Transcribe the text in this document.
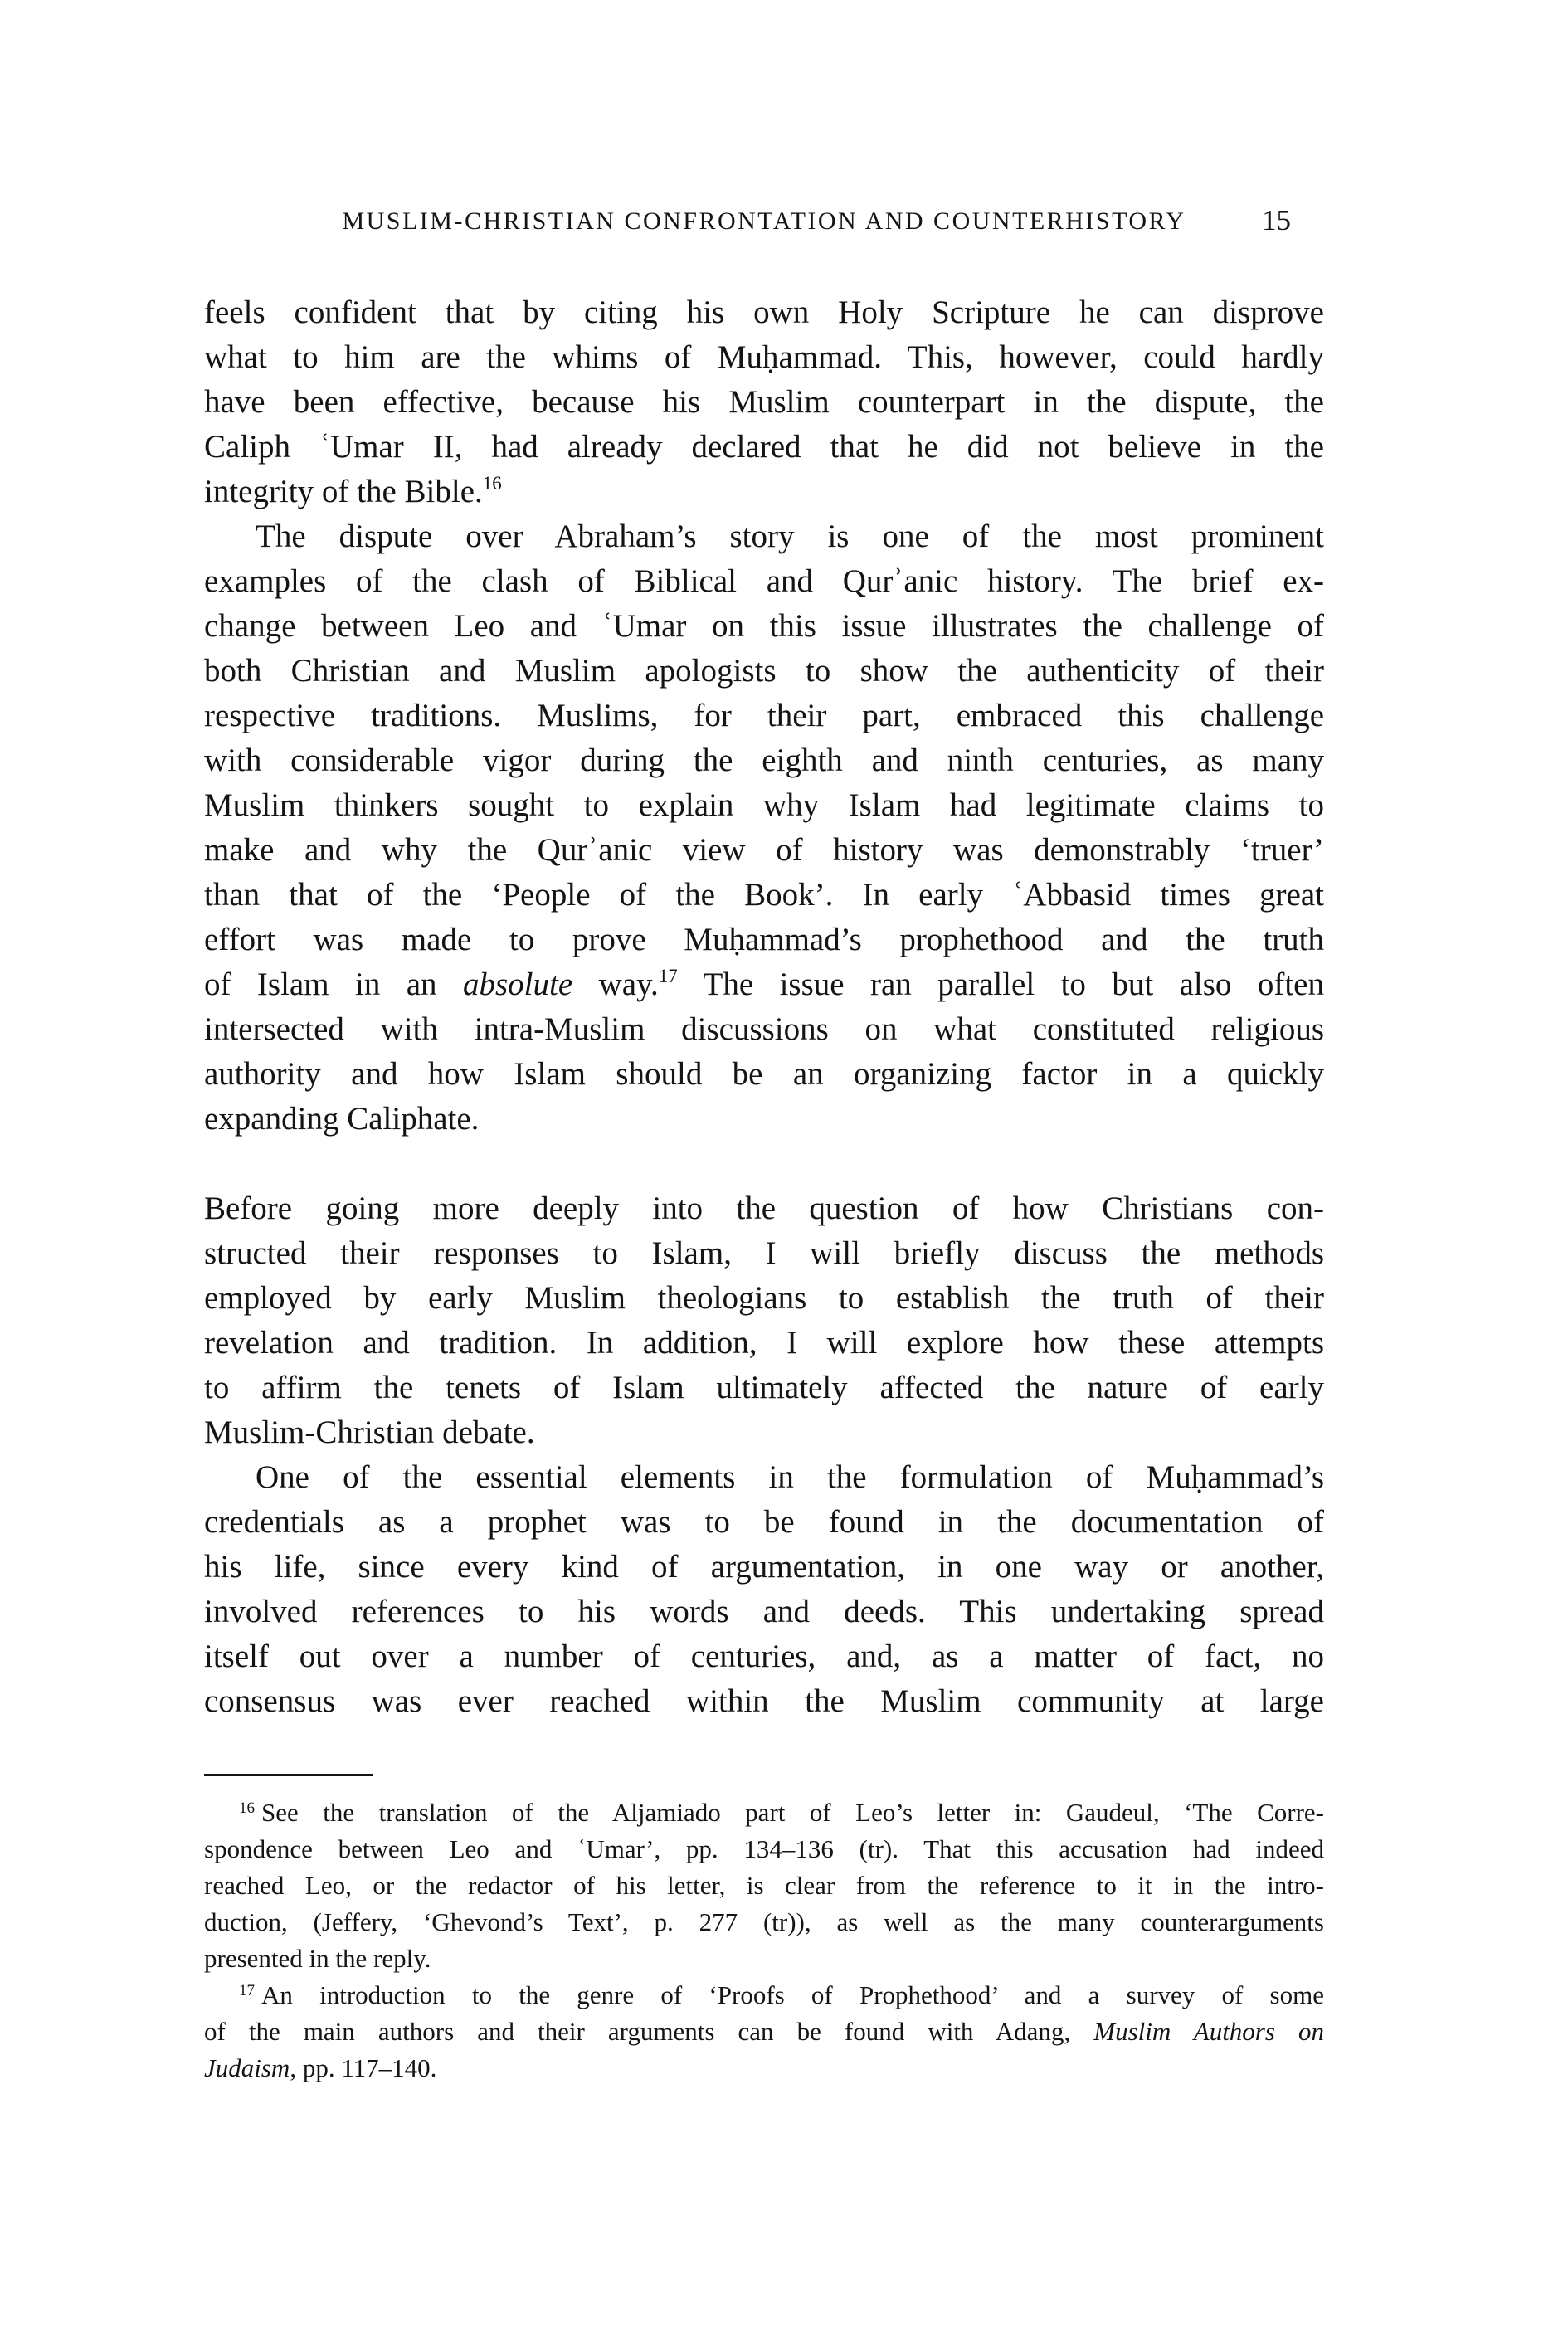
MUSLIM-CHRISTIAN CONFRONTATION AND COUNTERHISTORY	15
feels confident that by citing his own Holy Scripture he can disprove
what to him are the whims of Muḥammad. This, however, could hardly
have been effective, because his Muslim counterpart in the dispute, the
Caliph ʿUmar II, had already declared that he did not believe in the
integrity of the Bible.$^{16}$
The dispute over Abraham’s story is one of the most prominent
examples of the clash of Biblical and Qurʾanic history. The brief ex-
change between Leo and ʿUmar on this issue illustrates the challenge of
both Christian and Muslim apologists to show the authenticity of their
respective traditions. Muslims, for their part, embraced this challenge
with considerable vigor during the eighth and ninth centuries, as many
Muslim thinkers sought to explain why Islam had legitimate claims to
make and why the Qurʾanic view of history was demonstrably ‘truer’
than that of the ‘People of the Book’. In early ʿAbbasid times great
effort was made to prove Muḥammad’s prophethood and the truth
of Islam in an absolute way.$^{17}$ The issue ran parallel to but also often
intersected with intra-Muslim discussions on what constituted religious
authority and how Islam should be an organizing factor in a quickly
expanding Caliphate.
Before going more deeply into the question of how Christians con-
structed their responses to Islam, I will briefly discuss the methods
employed by early Muslim theologians to establish the truth of their
revelation and tradition. In addition, I will explore how these attempts
to affirm the tenets of Islam ultimately affected the nature of early
Muslim-Christian debate.
One of the essential elements in the formulation of Muḥammad’s
credentials as a prophet was to be found in the documentation of
his life, since every kind of argumentation, in one way or another,
involved references to his words and deeds. This undertaking spread
itself out over a number of centuries, and, as a matter of fact, no
consensus was ever reached within the Muslim community at large
$^{16}$ See the translation of the Aljamiado part of Leo’s letter in: Gaudeul, ‘The Corre-
spondence between Leo and ʿUmar’, pp. 134–136 (tr). That this accusation had indeed
reached Leo, or the redactor of his letter, is clear from the reference to it in the intro-
duction, (Jeffery, ‘Ghevond’s Text’, p. 277 (tr)), as well as the many counterarguments
presented in the reply.
$^{17}$ An introduction to the genre of ‘Proofs of Prophethood’ and a survey of some
of the main authors and their arguments can be found with Adang, Muslim Authors on
Judaism, pp. 117–140.
